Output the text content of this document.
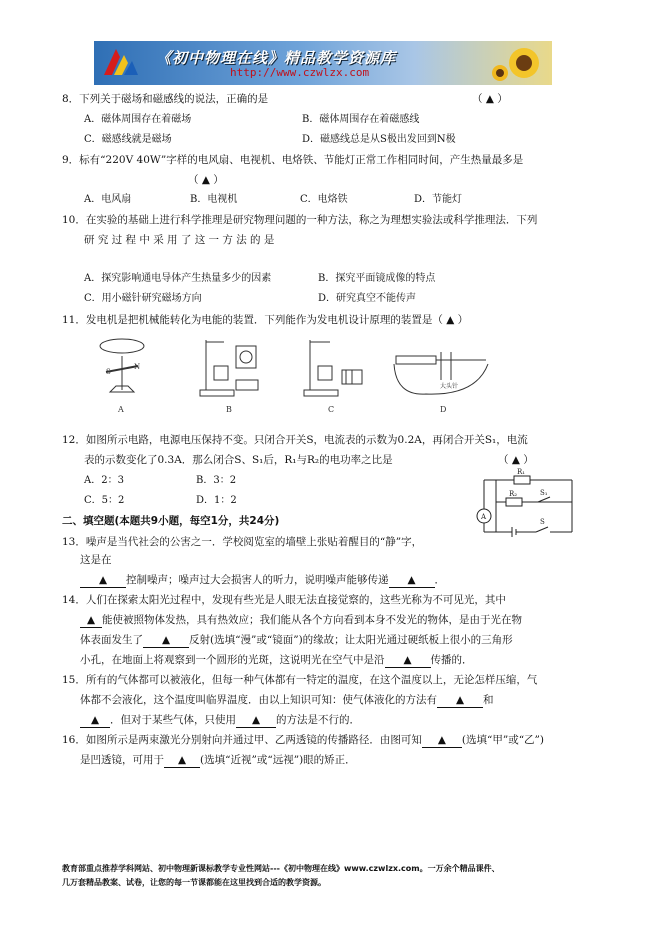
《初中物理在线》精品教学资源库
http://www.czwlzx.com
8．下列关于磁场和磁感线的说法，正确的是	（ ▲ ）
A．磁体周围存在着磁场	B．磁体周围存在着磁感线
C．磁感线就是磁场	D．磁感线总是从S极出发回到N极
9．标有“220V 40W”字样的电风扇、电视机、电烙铁、节能灯正常工作相同时间，产生热量最多是
（ ▲ ）
A．电风扇	B．电视机	C．电烙铁	D．节能灯
10．在实验的基础上进行科学推理是研究物理问题的一种方法，称之为理想实验法或科学推理法．下列
研 究 过 程 中 采 用 了 这 一 方 法 的 是
A．探究影响通电导体产生热量多少的因素	B．探究平面镜成像的特点
C．用小磁针研究磁场方向	D．研究真空不能传声
11．发电机是把机械能转化为电能的装置．下列能作为发电机设计原理的装置是（ ▲ ）
S
N
大头针
A	B	C	D
12．如图所示电路，电源电压保持不变。只闭合开关S，电流表的示数为0.2A，再闭合开关S₁，电流
表的示数变化了0.3A．那么闭合S、S₁后，R₁与R₂的电功率之比是	（ ▲ ）
A．2：3	B．3：2
C．5：2	D．1：2
R₁
R₂	S₁
S
A
二、填空题(本题共9小题，每空1分，共24分)
13．噪声是当代社会的公害之一．学校阅览室的墙壁上张贴着醒目的“静”字，
这是在
▲ 控制噪声；噪声过大会损害人的听力，说明噪声能够传递 ▲ ．
14．人们在探索太阳光过程中，发现有些光是人眼无法直接觉察的，这些光称为不可见光，其中
▲ 能使被照物体发热，具有热效应；我们能从各个方向看到本身不发光的物体，是由于光在物
体表面发生了 ▲ 反射(选填“漫”或“镜面”)的缘故；让太阳光通过硬纸板上很小的三角形
小孔，在地面上将观察到一个圆形的光斑，这说明光在空气中是沿 ▲ 传播的．
15．所有的气体都可以被液化，但每一种气体都有一特定的温度，在这个温度以上，无论怎样压缩，气
体都不会液化，这个温度叫临界温度．由以上知识可知：使气体液化的方法有 ▲ 和
▲ ．但对于某些气体，只使用 ▲ 的方法是不行的．
16．如图所示是两束激光分别射向并通过甲、乙两透镜的传播路径．由图可知 ▲ (选填“甲”或“乙”)
是凹透镜，可用于 ▲ (选填“近视”或“远视”)眼的矫正．
教育部重点推荐学科网站、初中物理新课标教学专业性网站---《初中物理在线》www.czwlzx.com。一万余个精品课件、
几万套精品教案、试卷，让您的每一节课都能在这里找到合适的教学资源。
